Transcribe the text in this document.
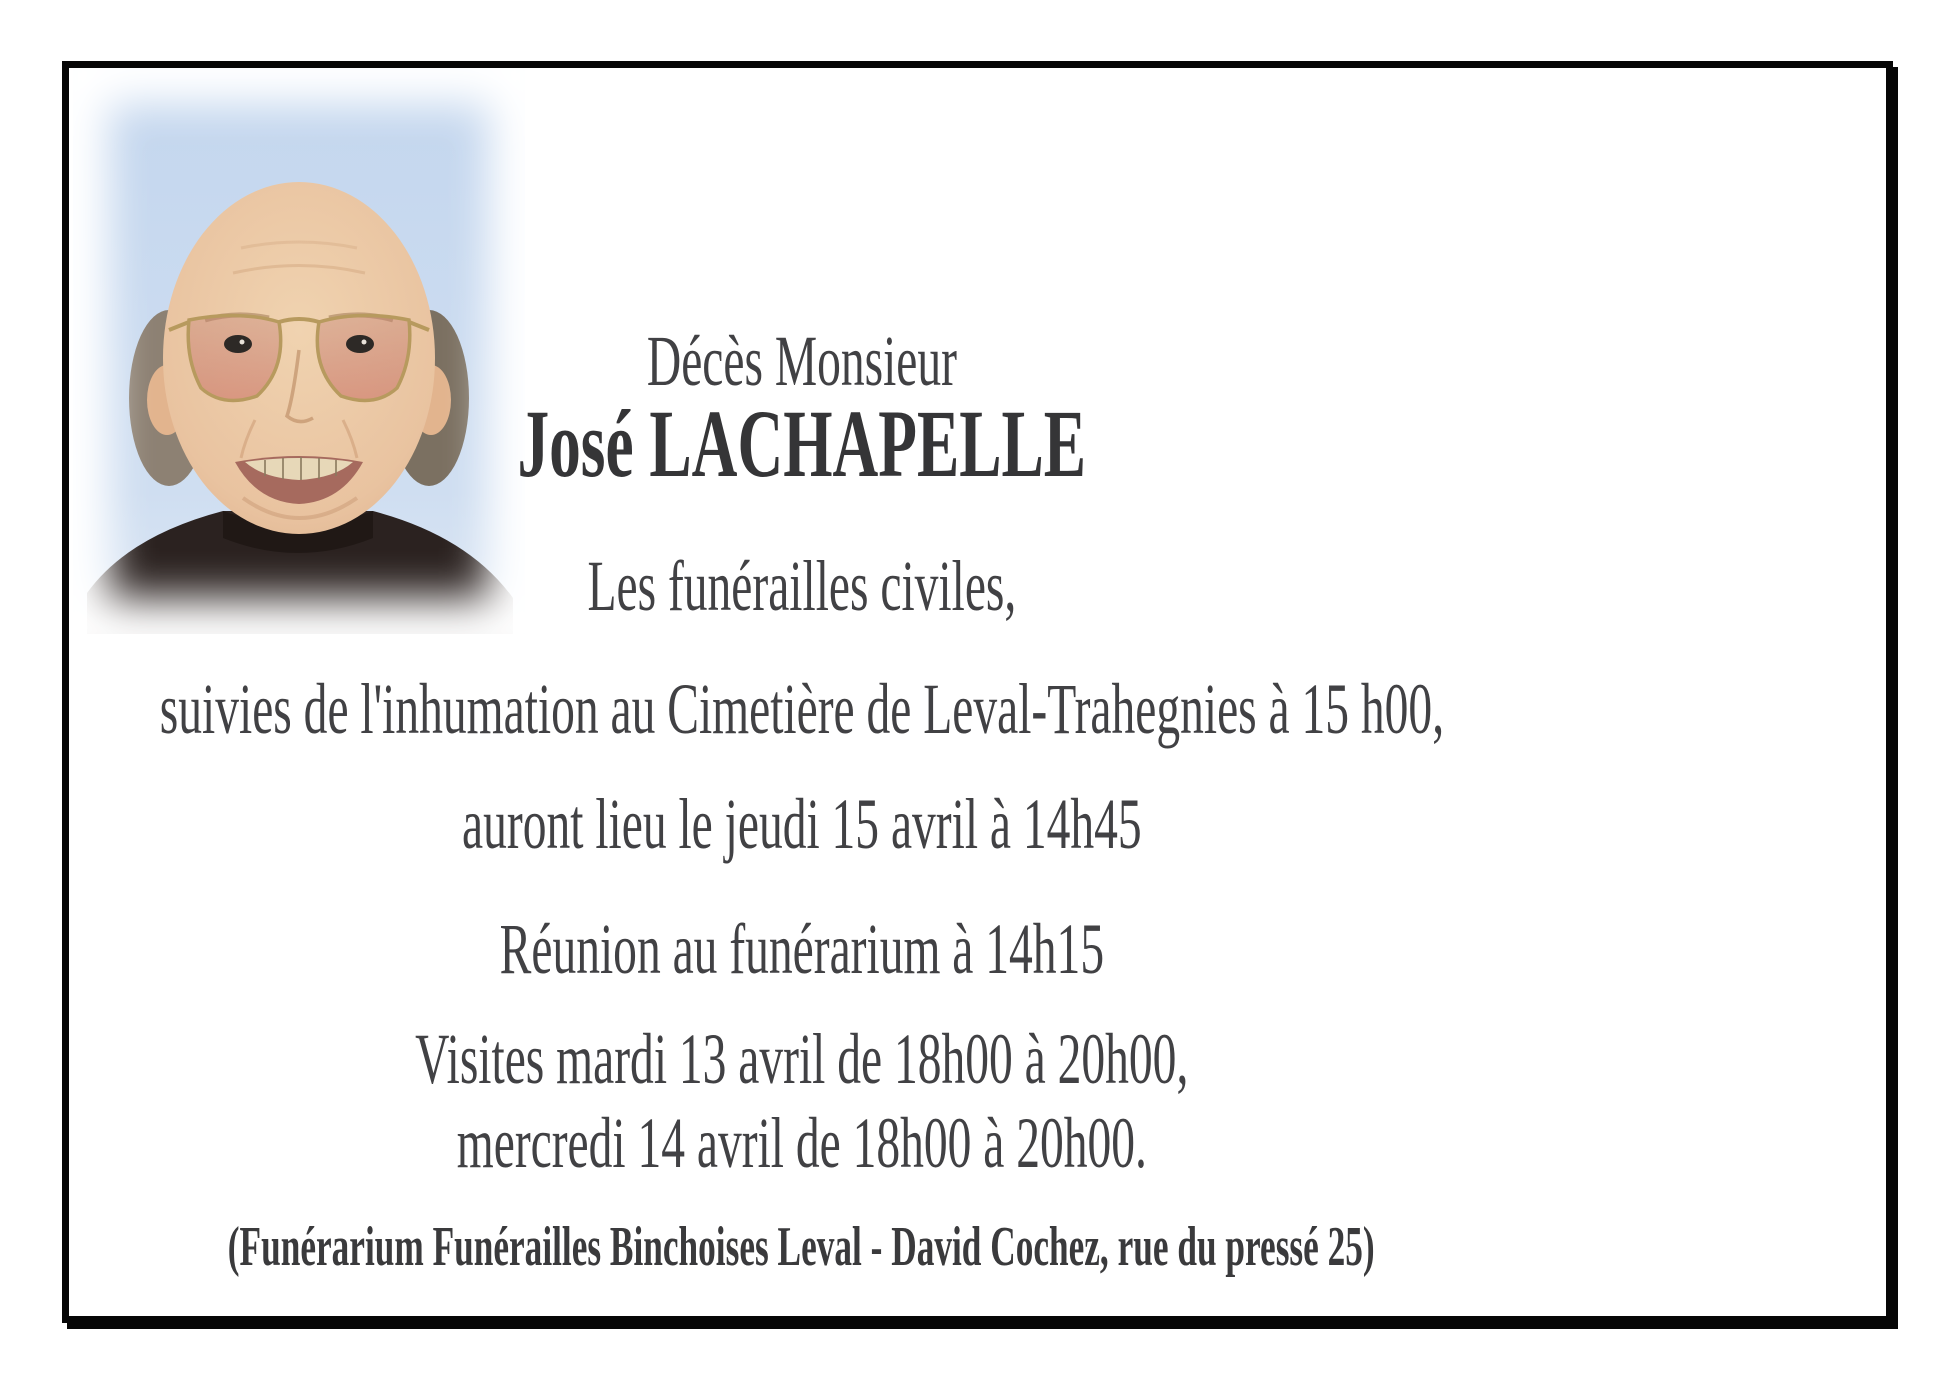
Décès Monsieur
José LACHAPELLE
Les funérailles civiles,
suivies de l'inhumation au Cimetière de Leval-Trahegnies à 15 h00,
auront lieu le jeudi 15 avril à 14h45
Réunion au funérarium à 14h15
Visites mardi 13 avril de 18h00 à 20h00,
mercredi 14 avril de 18h00 à 20h00.
(Funérarium Funérailles Binchoises Leval - David Cochez, rue du pressé 25)
